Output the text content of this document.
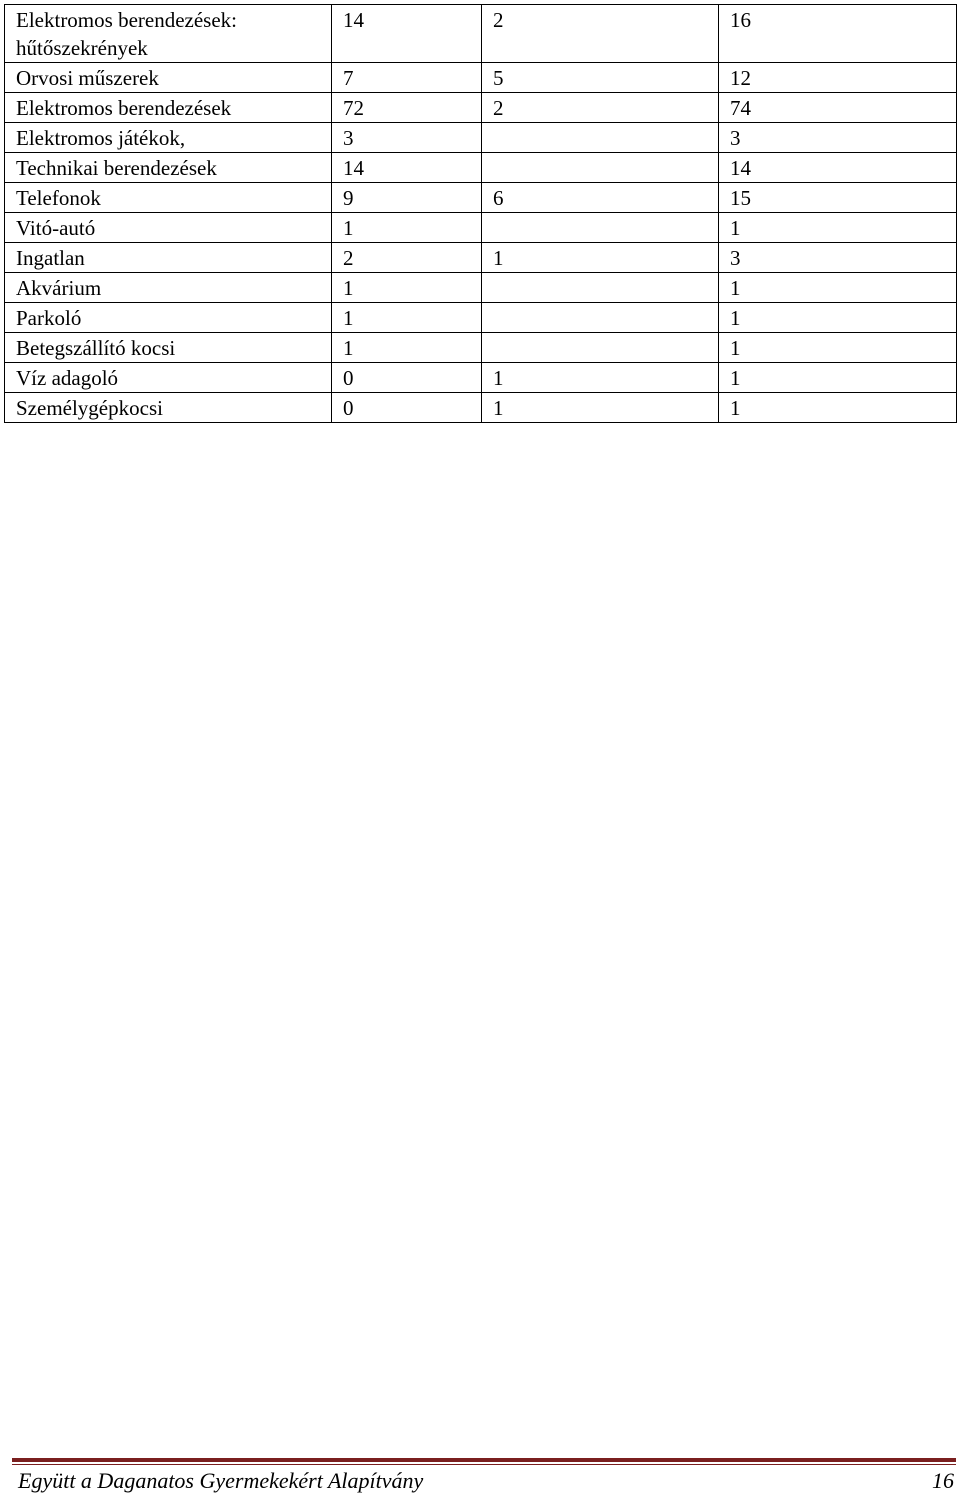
Elektromos berendezések: hűtőszekrények	14	2	16
Orvosi műszerek	7	5	12
Elektromos berendezések	72	2	74
Elektromos játékok,	3		3
Technikai berendezések	14		14
Telefonok	9	6	15
Vitó-autó	1		1
Ingatlan	2	1	3
Akvárium	1		1
Parkoló	1		1
Betegszállító kocsi	1		1
Víz adagoló	0	1	1
Személygépkocsi	0	1	1
Együtt a Daganatos Gyermekekért Alapítvány	16
